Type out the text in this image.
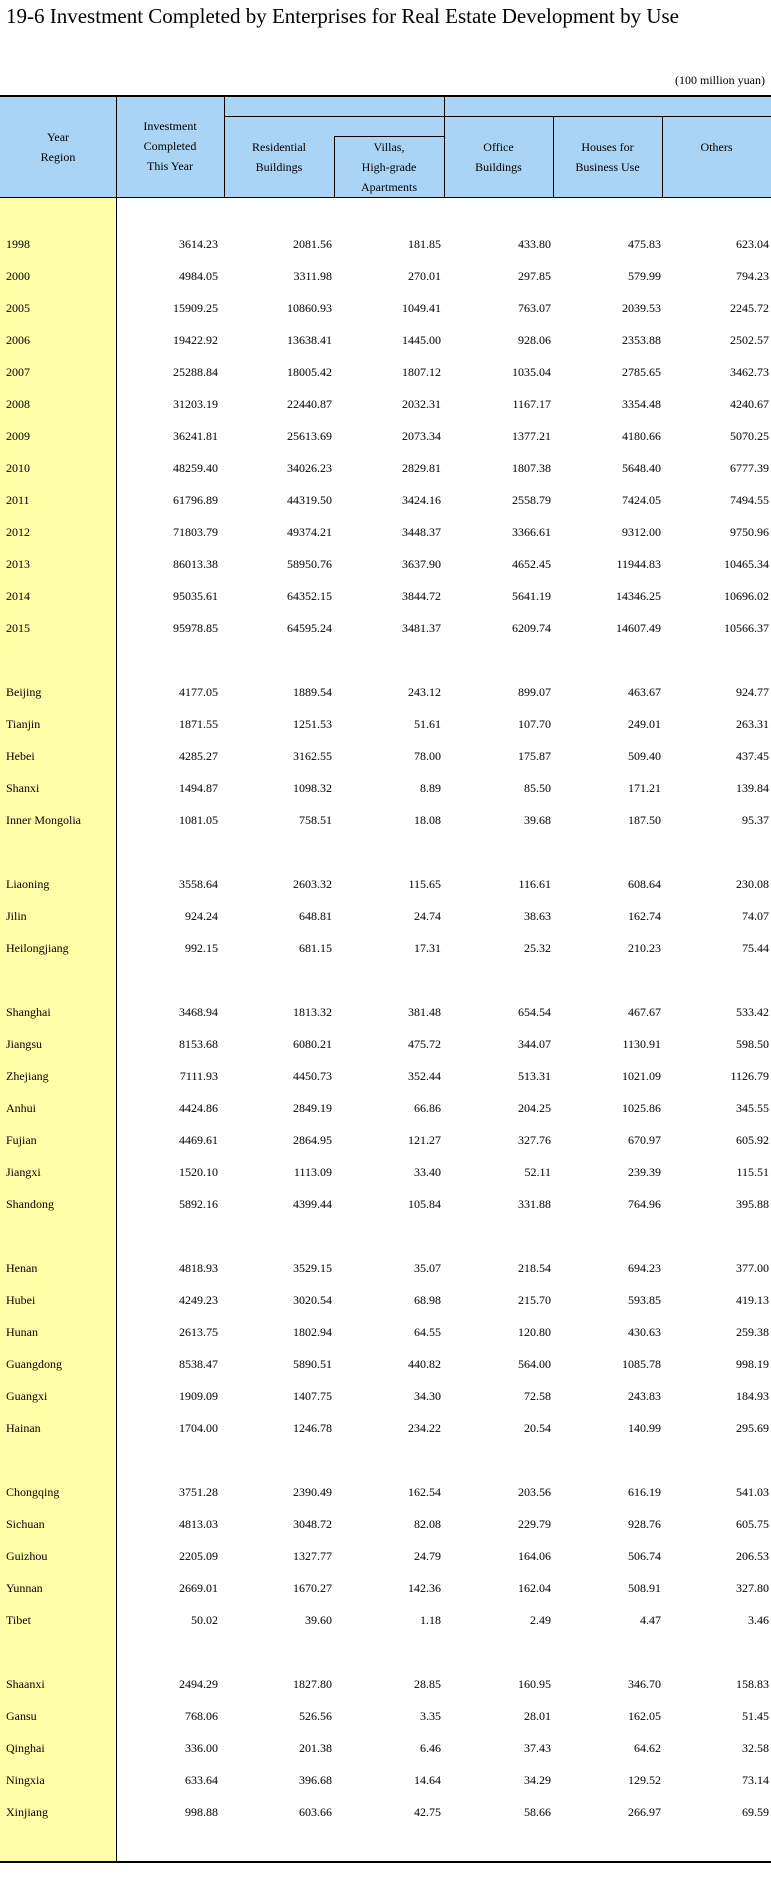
19-6 Investment Completed by Enterprises for Real Estate Development by Use
(100 million yuan)
Year
Region
Investment
Completed
This Year
Residential
Buildings
Villas,
High-grade
Apartments
Office
Buildings
Houses for
Business Use
Others
1998	3614.23	2081.56	181.85	433.80	475.83	623.04
2000	4984.05	3311.98	270.01	297.85	579.99	794.23
2005	15909.25	10860.93	1049.41	763.07	2039.53	2245.72
2006	19422.92	13638.41	1445.00	928.06	2353.88	2502.57
2007	25288.84	18005.42	1807.12	1035.04	2785.65	3462.73
2008	31203.19	22440.87	2032.31	1167.17	3354.48	4240.67
2009	36241.81	25613.69	2073.34	1377.21	4180.66	5070.25
2010	48259.40	34026.23	2829.81	1807.38	5648.40	6777.39
2011	61796.89	44319.50	3424.16	2558.79	7424.05	7494.55
2012	71803.79	49374.21	3448.37	3366.61	9312.00	9750.96
2013	86013.38	58950.76	3637.90	4652.45	11944.83	10465.34
2014	95035.61	64352.15	3844.72	5641.19	14346.25	10696.02
2015	95978.85	64595.24	3481.37	6209.74	14607.49	10566.37
Beijing	4177.05	1889.54	243.12	899.07	463.67	924.77
Tianjin	1871.55	1251.53	51.61	107.70	249.01	263.31
Hebei	4285.27	3162.55	78.00	175.87	509.40	437.45
Shanxi	1494.87	1098.32	8.89	85.50	171.21	139.84
Inner Mongolia	1081.05	758.51	18.08	39.68	187.50	95.37
Liaoning	3558.64	2603.32	115.65	116.61	608.64	230.08
Jilin	924.24	648.81	24.74	38.63	162.74	74.07
Heilongjiang	992.15	681.15	17.31	25.32	210.23	75.44
Shanghai	3468.94	1813.32	381.48	654.54	467.67	533.42
Jiangsu	8153.68	6080.21	475.72	344.07	1130.91	598.50
Zhejiang	7111.93	4450.73	352.44	513.31	1021.09	1126.79
Anhui	4424.86	2849.19	66.86	204.25	1025.86	345.55
Fujian	4469.61	2864.95	121.27	327.76	670.97	605.92
Jiangxi	1520.10	1113.09	33.40	52.11	239.39	115.51
Shandong	5892.16	4399.44	105.84	331.88	764.96	395.88
Henan	4818.93	3529.15	35.07	218.54	694.23	377.00
Hubei	4249.23	3020.54	68.98	215.70	593.85	419.13
Hunan	2613.75	1802.94	64.55	120.80	430.63	259.38
Guangdong	8538.47	5890.51	440.82	564.00	1085.78	998.19
Guangxi	1909.09	1407.75	34.30	72.58	243.83	184.93
Hainan	1704.00	1246.78	234.22	20.54	140.99	295.69
Chongqing	3751.28	2390.49	162.54	203.56	616.19	541.03
Sichuan	4813.03	3048.72	82.08	229.79	928.76	605.75
Guizhou	2205.09	1327.77	24.79	164.06	506.74	206.53
Yunnan	2669.01	1670.27	142.36	162.04	508.91	327.80
Tibet	50.02	39.60	1.18	2.49	4.47	3.46
Shaanxi	2494.29	1827.80	28.85	160.95	346.70	158.83
Gansu	768.06	526.56	3.35	28.01	162.05	51.45
Qinghai	336.00	201.38	6.46	37.43	64.62	32.58
Ningxia	633.64	396.68	14.64	34.29	129.52	73.14
Xinjiang	998.88	603.66	42.75	58.66	266.97	69.59
